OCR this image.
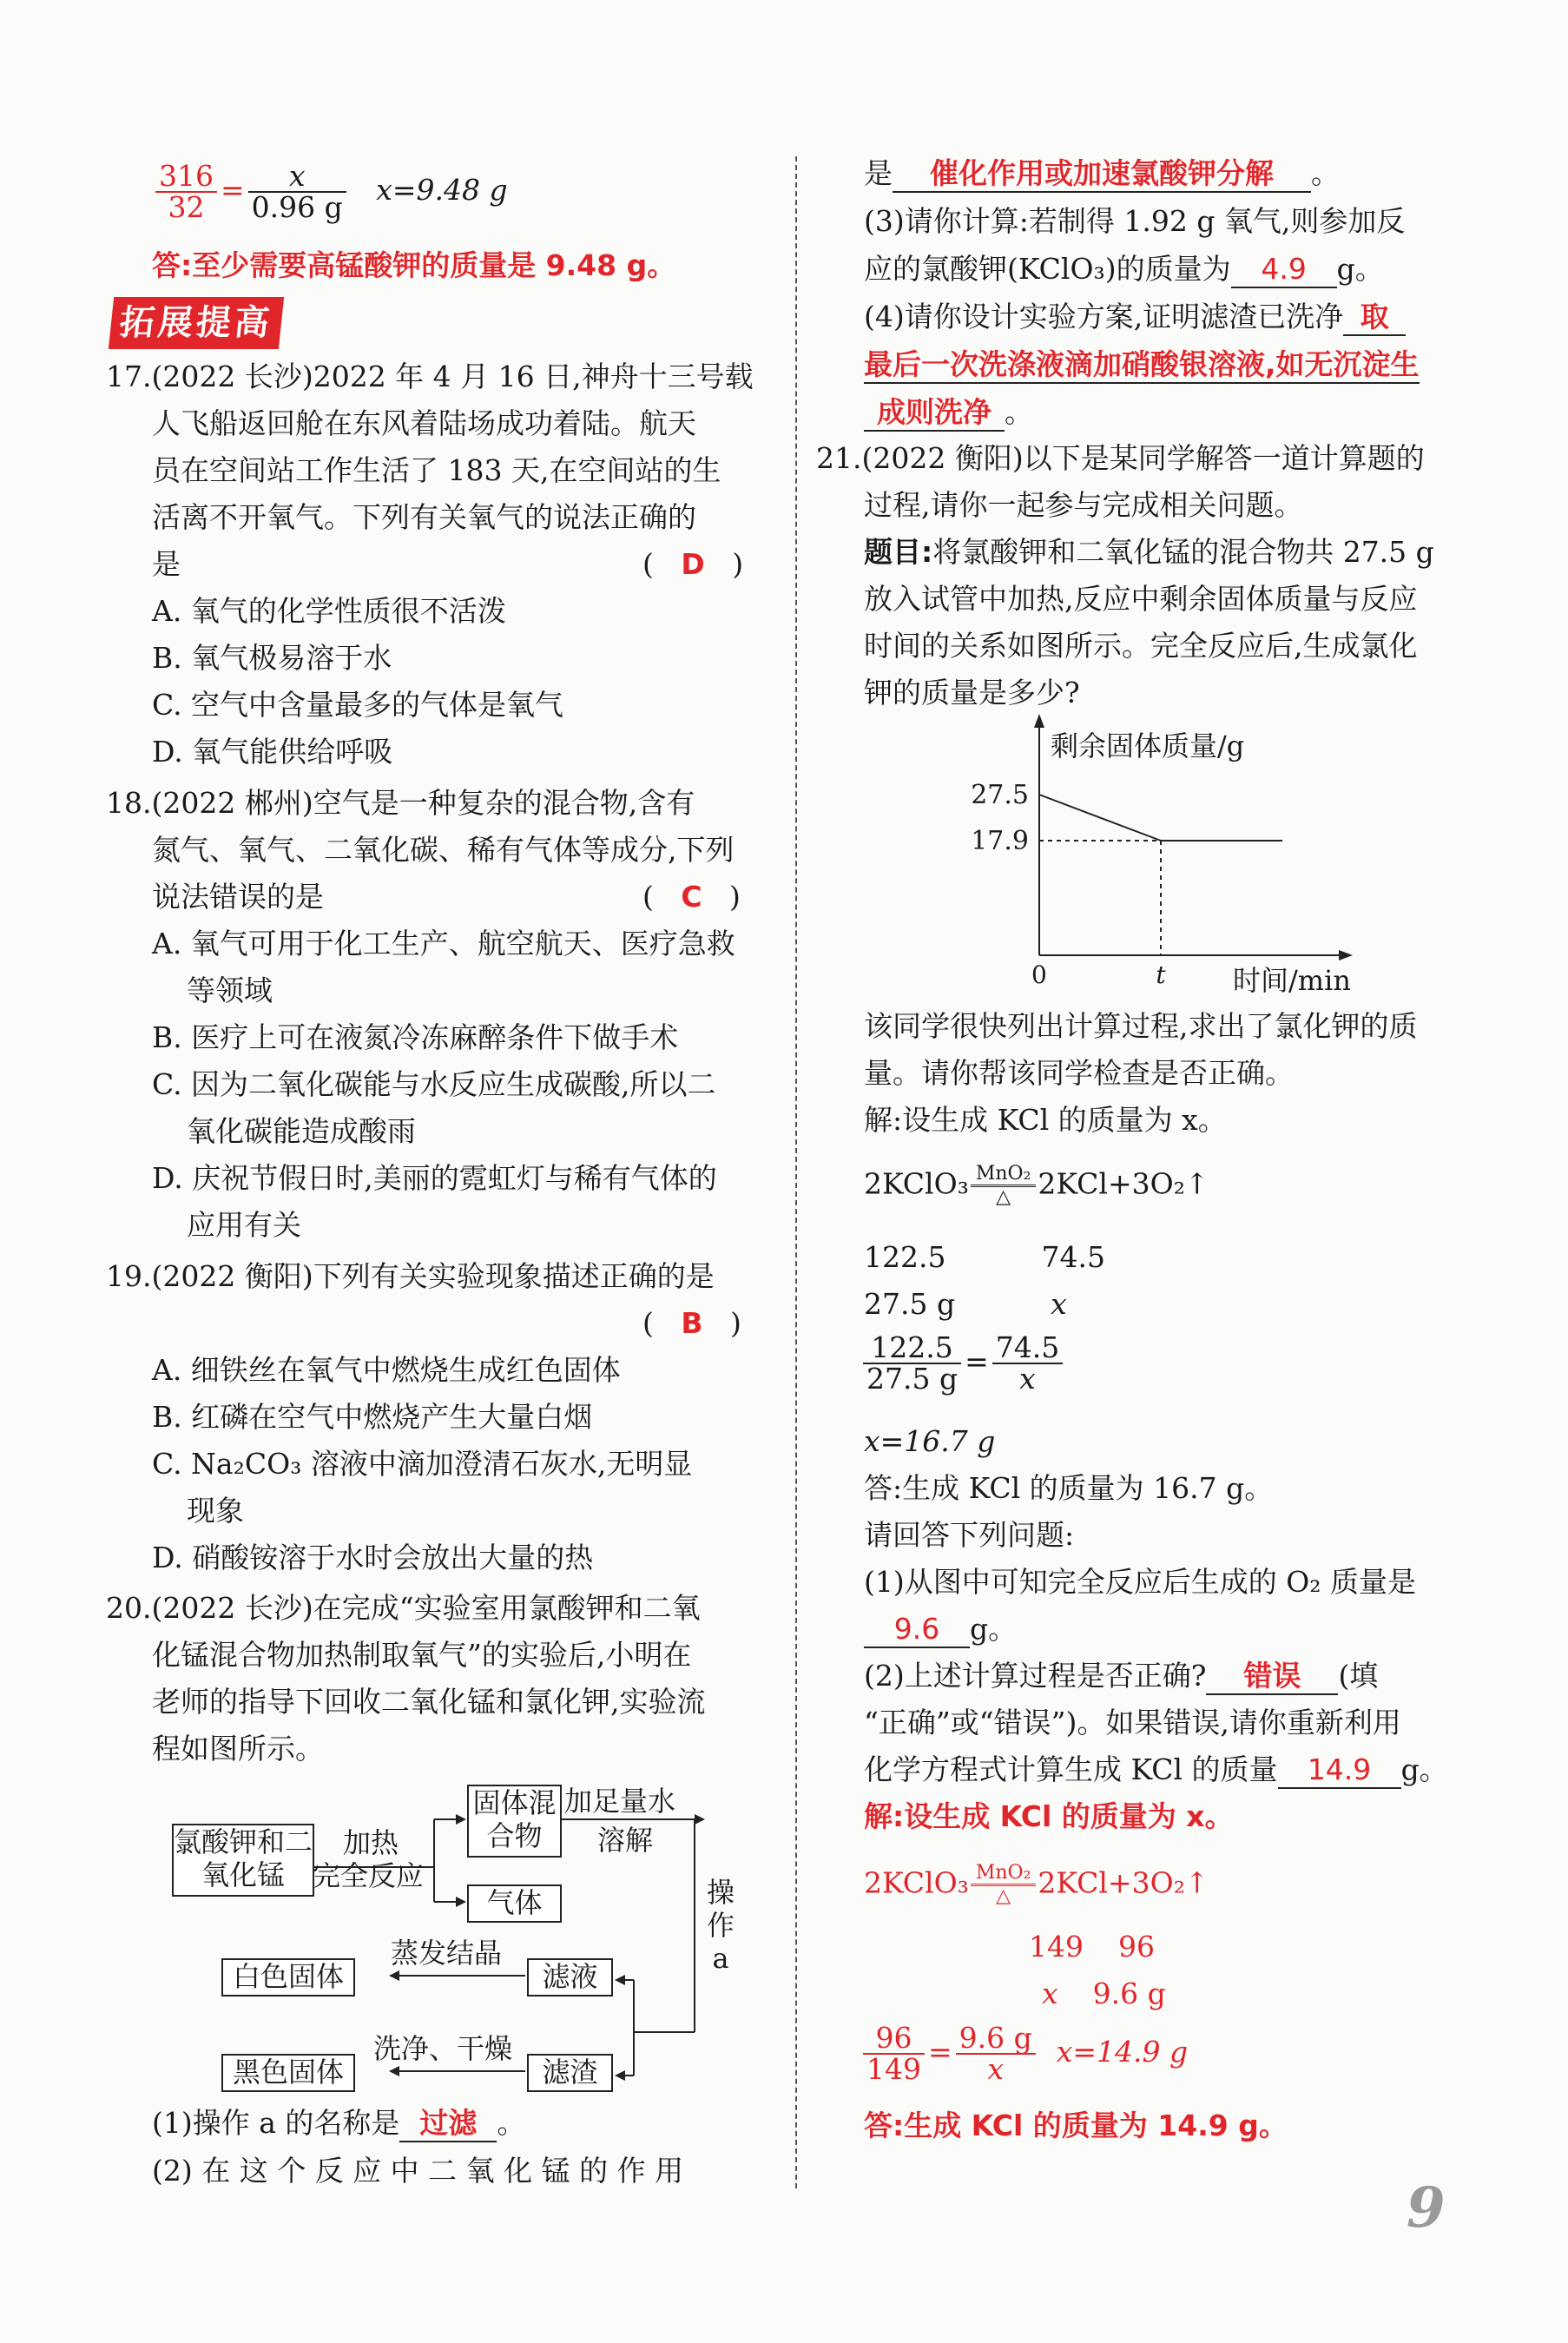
$\frac{316}{32} = \frac{x}{0.96 g} x=9.48$ g
答:至少需要高锰酸钾的质量是 9.48 g。
拓展提高
17.(2022 长沙)2022 年 4 月 16 日,神舟十三号载
人飞船返回舱在东风着陆场成功着陆。航天
员在空间站工作生活了 183 天,在空间站的生
活离不开氧气。下列有关氧气的说法正确的
是	(   D   )
A. 氧气的化学性质很不活泼
B. 氧气极易溶于水
C. 空气中含量最多的气体是氧气
D. 氧气能供给呼吸
18.(2022 郴州)空气是一种复杂的混合物,含有
氮气、氧气、二氧化碳、稀有气体等成分,下列
说法错误的是	(   C   )
A. 氧气可用于化工生产、航空航天、医疗急救
等领域
B. 医疗上可在液氮冷冻麻醉条件下做手术
C. 因为二氧化碳能与水反应生成碳酸,所以二
氧化碳能造成酸雨
D. 庆祝节假日时,美丽的霓虹灯与稀有气体的
应用有关
19.(2022 衡阳)下列有关实验现象描述正确的是
(   B   )
A. 细铁丝在氧气中燃烧生成红色固体
B. 红磷在空气中燃烧产生大量白烟
C. Na₂CO₃ 溶液中滴加澄清石灰水,无明显
现象
D. 硝酸铵溶于水时会放出大量的热
20.(2022 长沙)在完成“实验室用氯酸钾和二氧
化锰混合物加热制取氧气”的实验后,小明在
老师的指导下回收二氧化锰和氯化钾,实验流
程如图所示。
氯酸钾和二氧化锰
加热
完全反应
固体混合物
气体
加足量水
溶解
操作a
滤液
滤渣
白色固体
黑色固体
蒸发结晶
洗净、干燥
(1)操作 a 的名称是 过滤 。
(2) 在 这 个 反 应 中 二 氧 化 锰 的 作 用
是 催化作用或加速氯酸钾分解 。
(3)请你计算:若制得 1.92 g 氧气,则参加反
应的氯酸钾(KClO₃)的质量为 4.9 g。
(4)请你设计实验方案,证明滤渣已洗净 取
最后一次洗涤液滴加硝酸银溶液,如无沉淀生
成则洗净 。
21.(2022 衡阳)以下是某同学解答一道计算题的
过程,请你一起参与完成相关问题。
题目:将氯酸钾和二氧化锰的混合物共 27.5 g
放入试管中加热,反应中剩余固体质量与反应
时间的关系如图所示。完全反应后,生成氯化
钾的质量是多少?
剩余固体质量/g
时间/min
0
27.5
17.9
t
该同学很快列出计算过程,求出了氯化钾的质
量。请你帮该同学检查是否正确。
解:设生成 KCl 的质量为 x。
2KClO₃ MnO₂
△ 2KCl+3O₂↑
122.5	74.5
27.5 g	x
$\frac{122.5}{27.5 g} = \frac{74.5}{x}$
x=16.7 g
答:生成 KCl 的质量为 16.7 g。
请回答下列问题:
(1)从图中可知完全反应后生成的 O₂ 质量是
9.6 g。
(2)上述计算过程是否正确? 错误 (填
“正确”或“错误”)。如果错误,请你重新利用
化学方程式计算生成 KCl 的质量 14.9 g。
解:设生成 KCl 的质量为 x。
2KClO₃ MnO₂
△ 2KCl+3O₂↑
149 96
x 9.6 g
$\frac{96}{149} = \frac{9.6 g}{x} x=14.9$ g
答:生成 KCl 的质量为 14.9 g。
9
